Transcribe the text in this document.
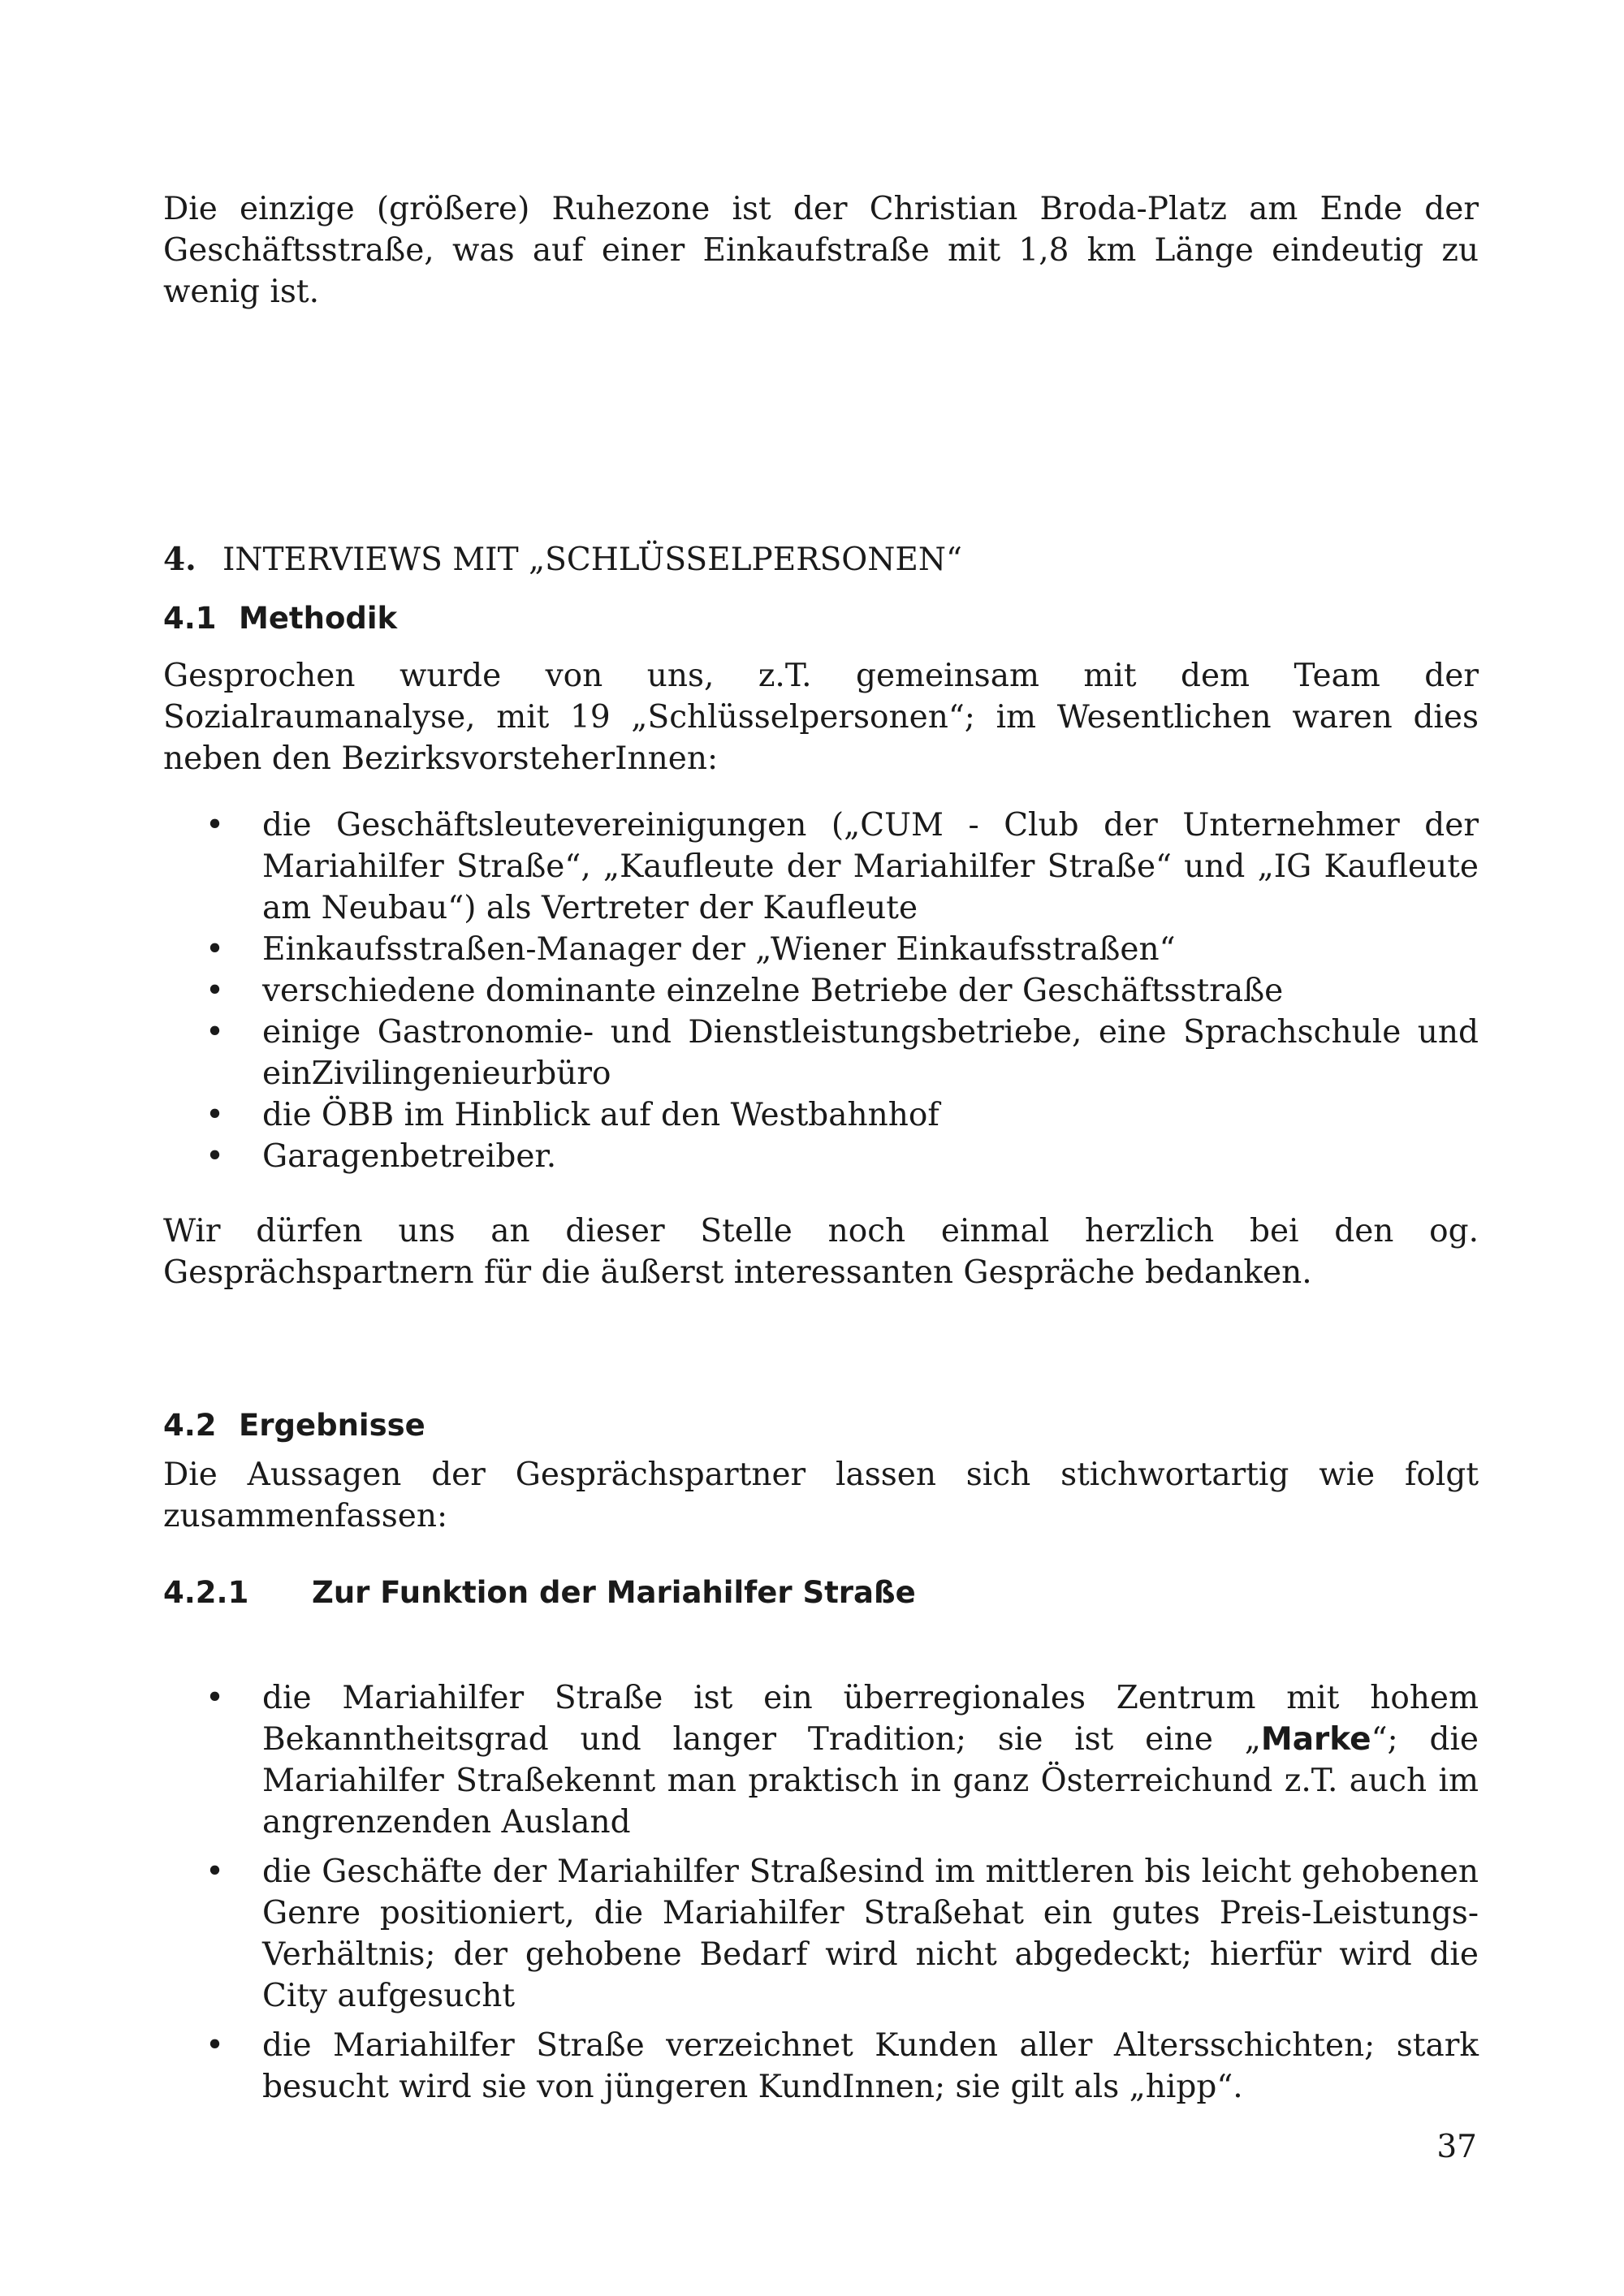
Die einzige (größere) Ruhezone ist der Christian Broda-Platz am Ende der Geschäftsstraße, was auf einer Einkaufstraße mit 1,8 km Länge eindeutig zu wenig ist.

4. INTERVIEWS MIT „SCHLÜSSELPERSONEN“
4.1 Methodik

Gesprochen wurde von uns, z.T. gemeinsam mit dem Team der Sozialraumanalyse, mit 19 „Schlüsselpersonen“; im Wesentlichen waren dies neben den BezirksvorsteherInnen:

• die Geschäftsleutevereinigungen („CUM - Club der Unternehmer der Mariahilfer Straße“, „Kaufleute der Mariahilfer Straße“ und „IG Kaufleute am Neubau“) als Vertreter der Kaufleute
• Einkaufsstraßen-Manager der „Wiener Einkaufsstraßen“
• verschiedene dominante einzelne Betriebe der Geschäftsstraße
• einige Gastronomie- und Dienstleistungsbetriebe, eine Sprachschule und einZivilingenieurbüro
• die ÖBB im Hinblick auf den Westbahnhof
• Garagenbetreiber.

Wir dürfen uns an dieser Stelle noch einmal herzlich bei den og. Gesprächspartnern für die äußerst interessanten Gespräche bedanken.

4.2 Ergebnisse

Die Aussagen der Gesprächspartner lassen sich stichwortartig wie folgt zusammenfassen:

4.2.1	Zur Funktion der Mariahilfer Straße
• die Mariahilfer Straße ist ein überregionales Zentrum mit hohem Bekanntheitsgrad und langer Tradition; sie ist eine „Marke“; die Mariahilfer Straßekennt man praktisch in ganz Österreichund z.T. auch im angrenzenden Ausland
• die Geschäfte der Mariahilfer Straßesind im mittleren bis leicht gehobenen Genre positioniert, die Mariahilfer Straßehat ein gutes Preis-Leistungs-Verhältnis; der gehobene Bedarf wird nicht abgedeckt; hierfür wird die City aufgesucht
• die Mariahilfer Straße verzeichnet Kunden aller Altersschichten; stark besucht wird sie von jüngeren KundInnen; sie gilt als „hipp“.
37
